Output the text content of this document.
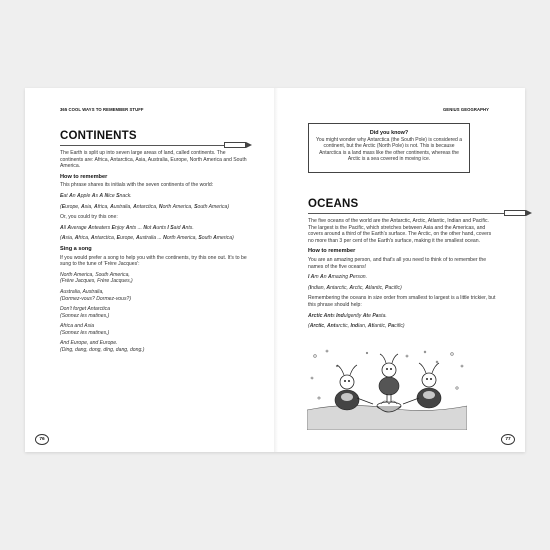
365 COOL WAYS TO REMEMBER STUFF
CONTINENTS

The Earth is split up into seven large areas of land, called continents. The continents are: Africa, Antarctica, Asia, Australia, Europe, North America and South America.

How to remember

This phrase shares its initials with the seven continents of the world:

Eat An Apple As A Nice Snack.

(Europe, Asia, Africa, Australia, Antarctica, North America, South America)

Or, you could try this one:

All Average Anteaters Enjoy Ants ... Not Aunts I Said Ants.

(Asia, Africa, Antarctica, Europe, Australia ... North America, South America)

Sing a song

If you would prefer a song to help you with the continents, try this one out. It's to be sung to the tune of 'Frère Jacques':

North America, South America,
(Frère Jacques, Frère Jacques,)

Australia, Australia,
(Dormez-vous? Dormez-vous?)

Don't forget Antarctica
(Sonnez les matines,)

Africa and Asia
(Sonnez les matines,)

And Europe, and Europe.
(Ding, dang, dong, ding, dang, dong.)

76
GENIUS GEOGRAPHY
Did you know?
You might wonder why Antarctica (the South Pole) is considered a continent, but the Arctic (North Pole) is not. This is because Antarctica is a land mass like the other continents, whereas the Arctic is a sea covered in moving ice.
OCEANS

The five oceans of the world are the Antarctic, Arctic, Atlantic, Indian and Pacific. The largest is the Pacific, which stretches between Asia and the Americas, and covers around a third of the Earth's surface. The Arctic, on the other hand, covers no more than 3 per cent of the Earth's surface, making it the smallest ocean.

How to remember

You are an amazing person, and that's all you need to think of to remember the names of the five oceans!

I Am An Amazing Person.

(Indian, Antarctic, Arctic, Atlantic, Pacific)

Remembering the oceans in size order from smallest to largest is a little trickier, but this phrase should help:

Arctic Ants Indulgently Ate Pasta.

(Arctic, Antarctic, Indian, Atlantic, Pacific)

77
